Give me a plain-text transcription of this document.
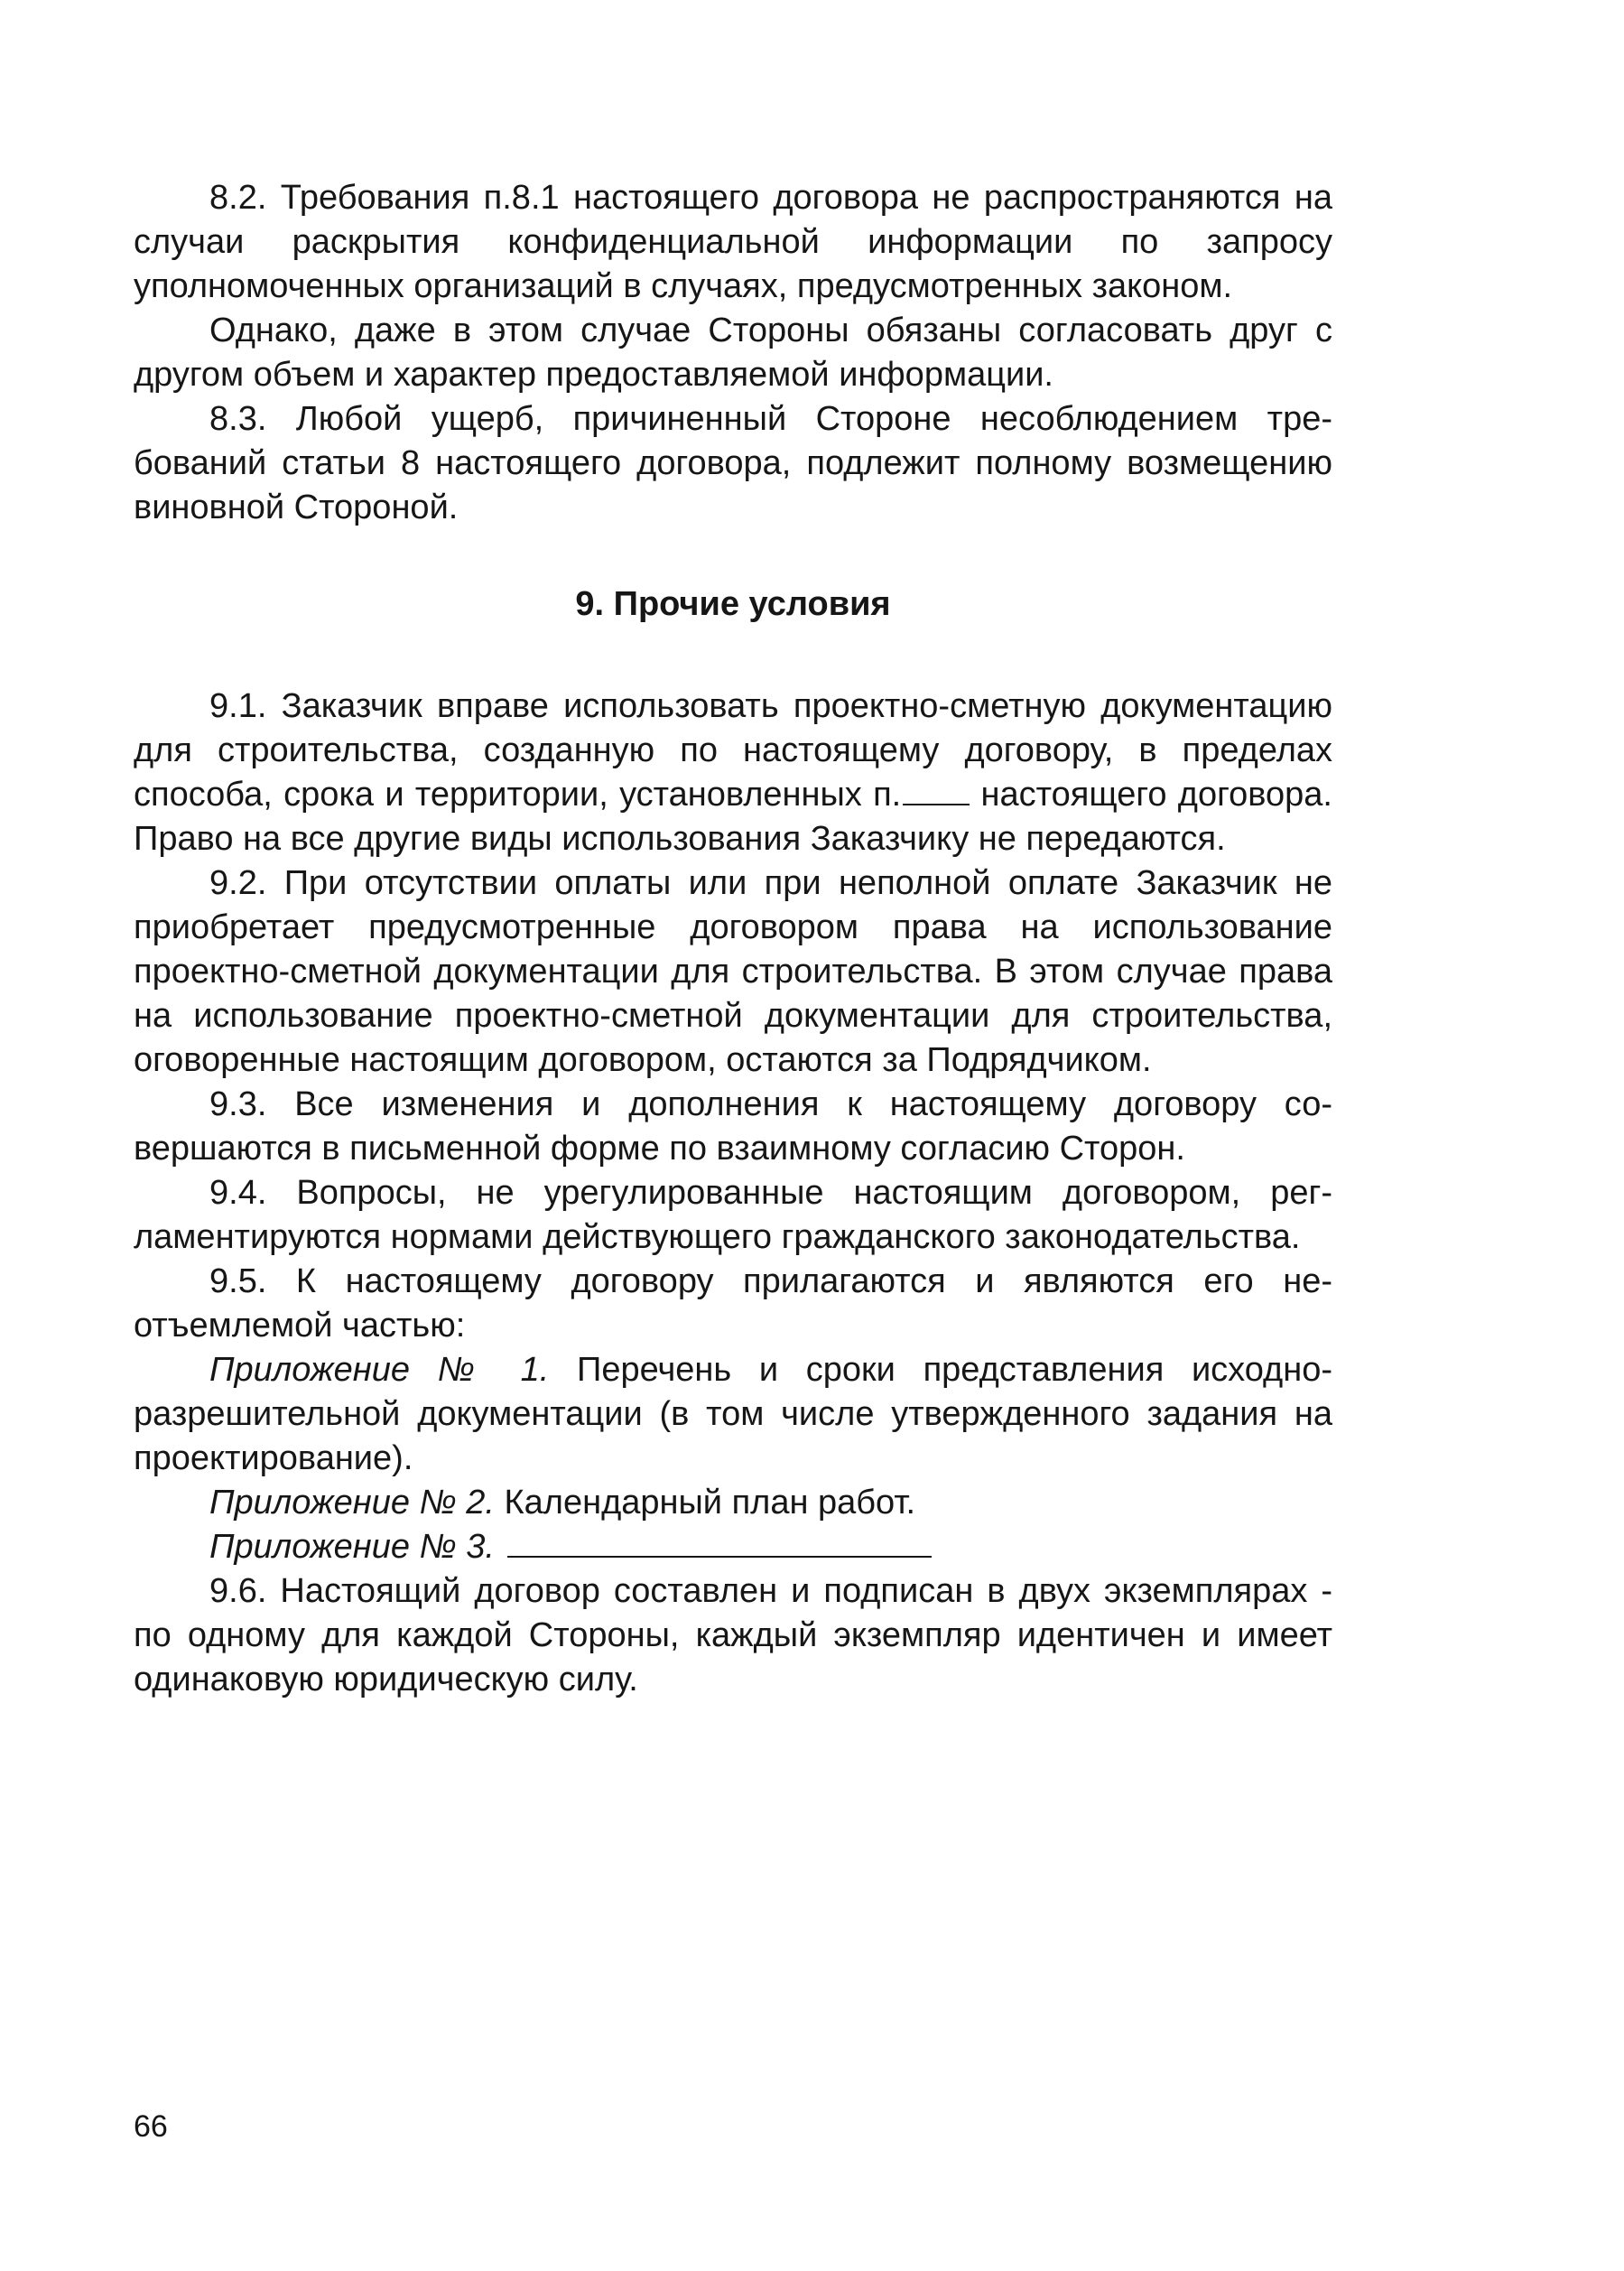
8.2. Требования п.8.1 настоящего договора не распространяются на случаи раскрытия конфиденциальной информации по запросу уполномоченных организаций в случаях, предусмотренных законом.

Однако, даже в этом случае Стороны обязаны согласовать друг с другом объем и характер предоставляемой информации.

8.3. Любой ущерб, причиненный Стороне несоблюдением требований статьи 8 настоящего договора, подлежит полному возмещению виновной Стороной.

9. Прочие условия

9.1. Заказчик вправе использовать проектно-сметную документацию для строительства, созданную по настоящему договору, в пределах способа, срока и территории, установленных п. настоящего договора. Право на все другие виды использования Заказчику не передаются.

9.2. При отсутствии оплаты или при неполной оплате Заказчик не приобретает предусмотренные договором права на использование проектно-сметной документации для строительства. В этом случае права на использование проектно-сметной документации для строительства, оговоренные настоящим договором, остаются за Подрядчиком.

9.3. Все изменения и дополнения к настоящему договору совершаются в письменной форме по взаимному согласию Сторон.

9.4. Вопросы, не урегулированные настоящим договором, регламентируются нормами действующего гражданского законодательства.

9.5. К настоящему договору прилагаются и являются его неотъемлемой частью:

Приложение № 1. Перечень и сроки представления исходно-разрешительной документации (в том числе утвержденного задания на проектирование).

Приложение № 2. Календарный план работ.

Приложение № 3.

9.6. Настоящий договор составлен и подписан в двух экземплярах - по одному для каждой Стороны, каждый экземпляр идентичен и имеет одинаковую юридическую силу.

66
